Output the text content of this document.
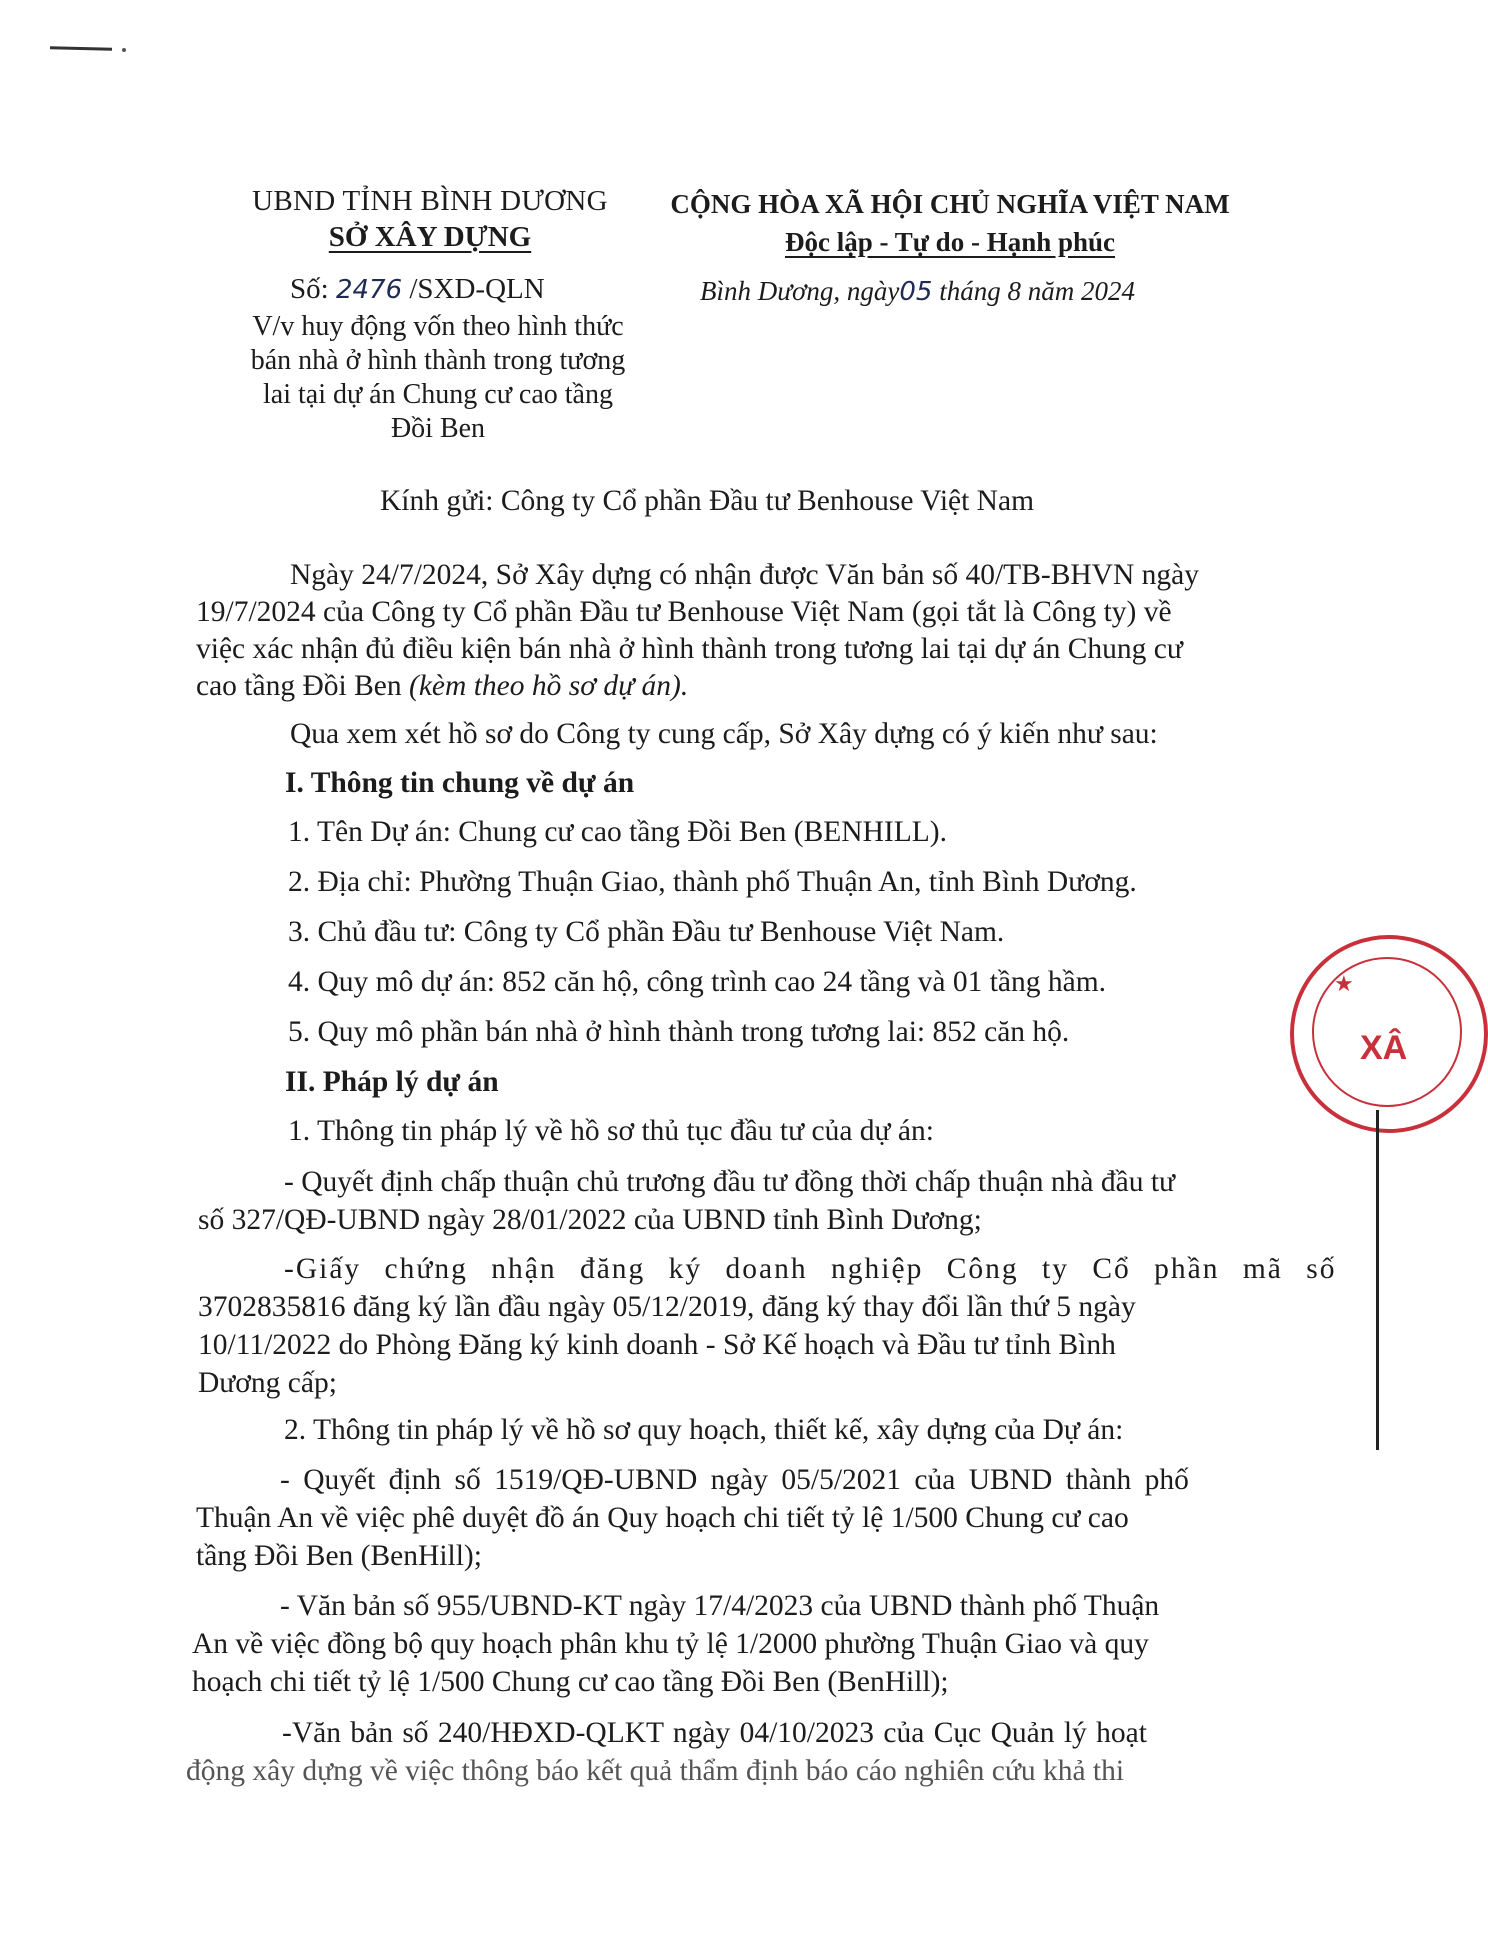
UBND TỈNH BÌNH DƯƠNG
SỞ XÂY DỰNG
Số: 2476 /SXD-QLN
V/v huy động vốn theo hình thức
bán nhà ở hình thành trong tương
lai tại dự án Chung cư cao tầng
Đồi Ben
CỘNG HÒA XÃ HỘI CHỦ NGHĨA VIỆT NAM
Độc lập - Tự do - Hạnh phúc
Bình Dương, ngày05 tháng 8 năm 2024
Kính gửi: Công ty Cổ phần Đầu tư Benhouse Việt Nam
Ngày 24/7/2024, Sở Xây dựng có nhận được Văn bản số 40/TB-BHVN ngày
19/7/2024 của Công ty Cổ phần Đầu tư Benhouse Việt Nam (gọi tắt là Công ty) về
việc xác nhận đủ điều kiện bán nhà ở hình thành trong tương lai tại dự án Chung cư
cao tầng Đồi Ben (kèm theo hồ sơ dự án).
Qua xem xét hồ sơ do Công ty cung cấp, Sở Xây dựng có ý kiến như sau:
I. Thông tin chung về dự án
1. Tên Dự án: Chung cư cao tầng Đồi Ben (BENHILL).
2. Địa chỉ: Phường Thuận Giao, thành phố Thuận An, tỉnh Bình Dương.
3. Chủ đầu tư: Công ty Cổ phần Đầu tư Benhouse Việt Nam.
4. Quy mô dự án: 852 căn hộ, công trình cao 24 tầng và 01 tầng hầm.
5. Quy mô phần bán nhà ở hình thành trong tương lai: 852 căn hộ.
II. Pháp lý dự án
1. Thông tin pháp lý về hồ sơ thủ tục đầu tư của dự án:
- Quyết định chấp thuận chủ trương đầu tư đồng thời chấp thuận nhà đầu tư
số 327/QĐ-UBND ngày 28/01/2022 của UBND tỉnh Bình Dương;
-Giấy chứng nhận đăng ký doanh nghiệp Công ty Cổ phần mã số
3702835816 đăng ký lần đầu ngày 05/12/2019, đăng ký thay đổi lần thứ 5 ngày
10/11/2022 do Phòng Đăng ký kinh doanh - Sở Kế hoạch và Đầu tư tỉnh Bình
Dương cấp;
2. Thông tin pháp lý về hồ sơ quy hoạch, thiết kế, xây dựng của Dự án:
- Quyết định số 1519/QĐ-UBND ngày 05/5/2021 của UBND thành phố
Thuận An về việc phê duyệt đồ án Quy hoạch chi tiết tỷ lệ 1/500 Chung cư cao
tầng Đồi Ben (BenHill);
- Văn bản số 955/UBND-KT ngày 17/4/2023 của UBND thành phố Thuận
An về việc đồng bộ quy hoạch phân khu tỷ lệ 1/2000 phường Thuận Giao và quy
hoạch chi tiết tỷ lệ 1/500 Chung cư cao tầng Đồi Ben (BenHill);
-Văn bản số 240/HĐXD-QLKT ngày 04/10/2023 của Cục Quản lý hoạt
động xây dựng về việc thông báo kết quả thẩm định báo cáo nghiên cứu khả thi
★
XÂ
